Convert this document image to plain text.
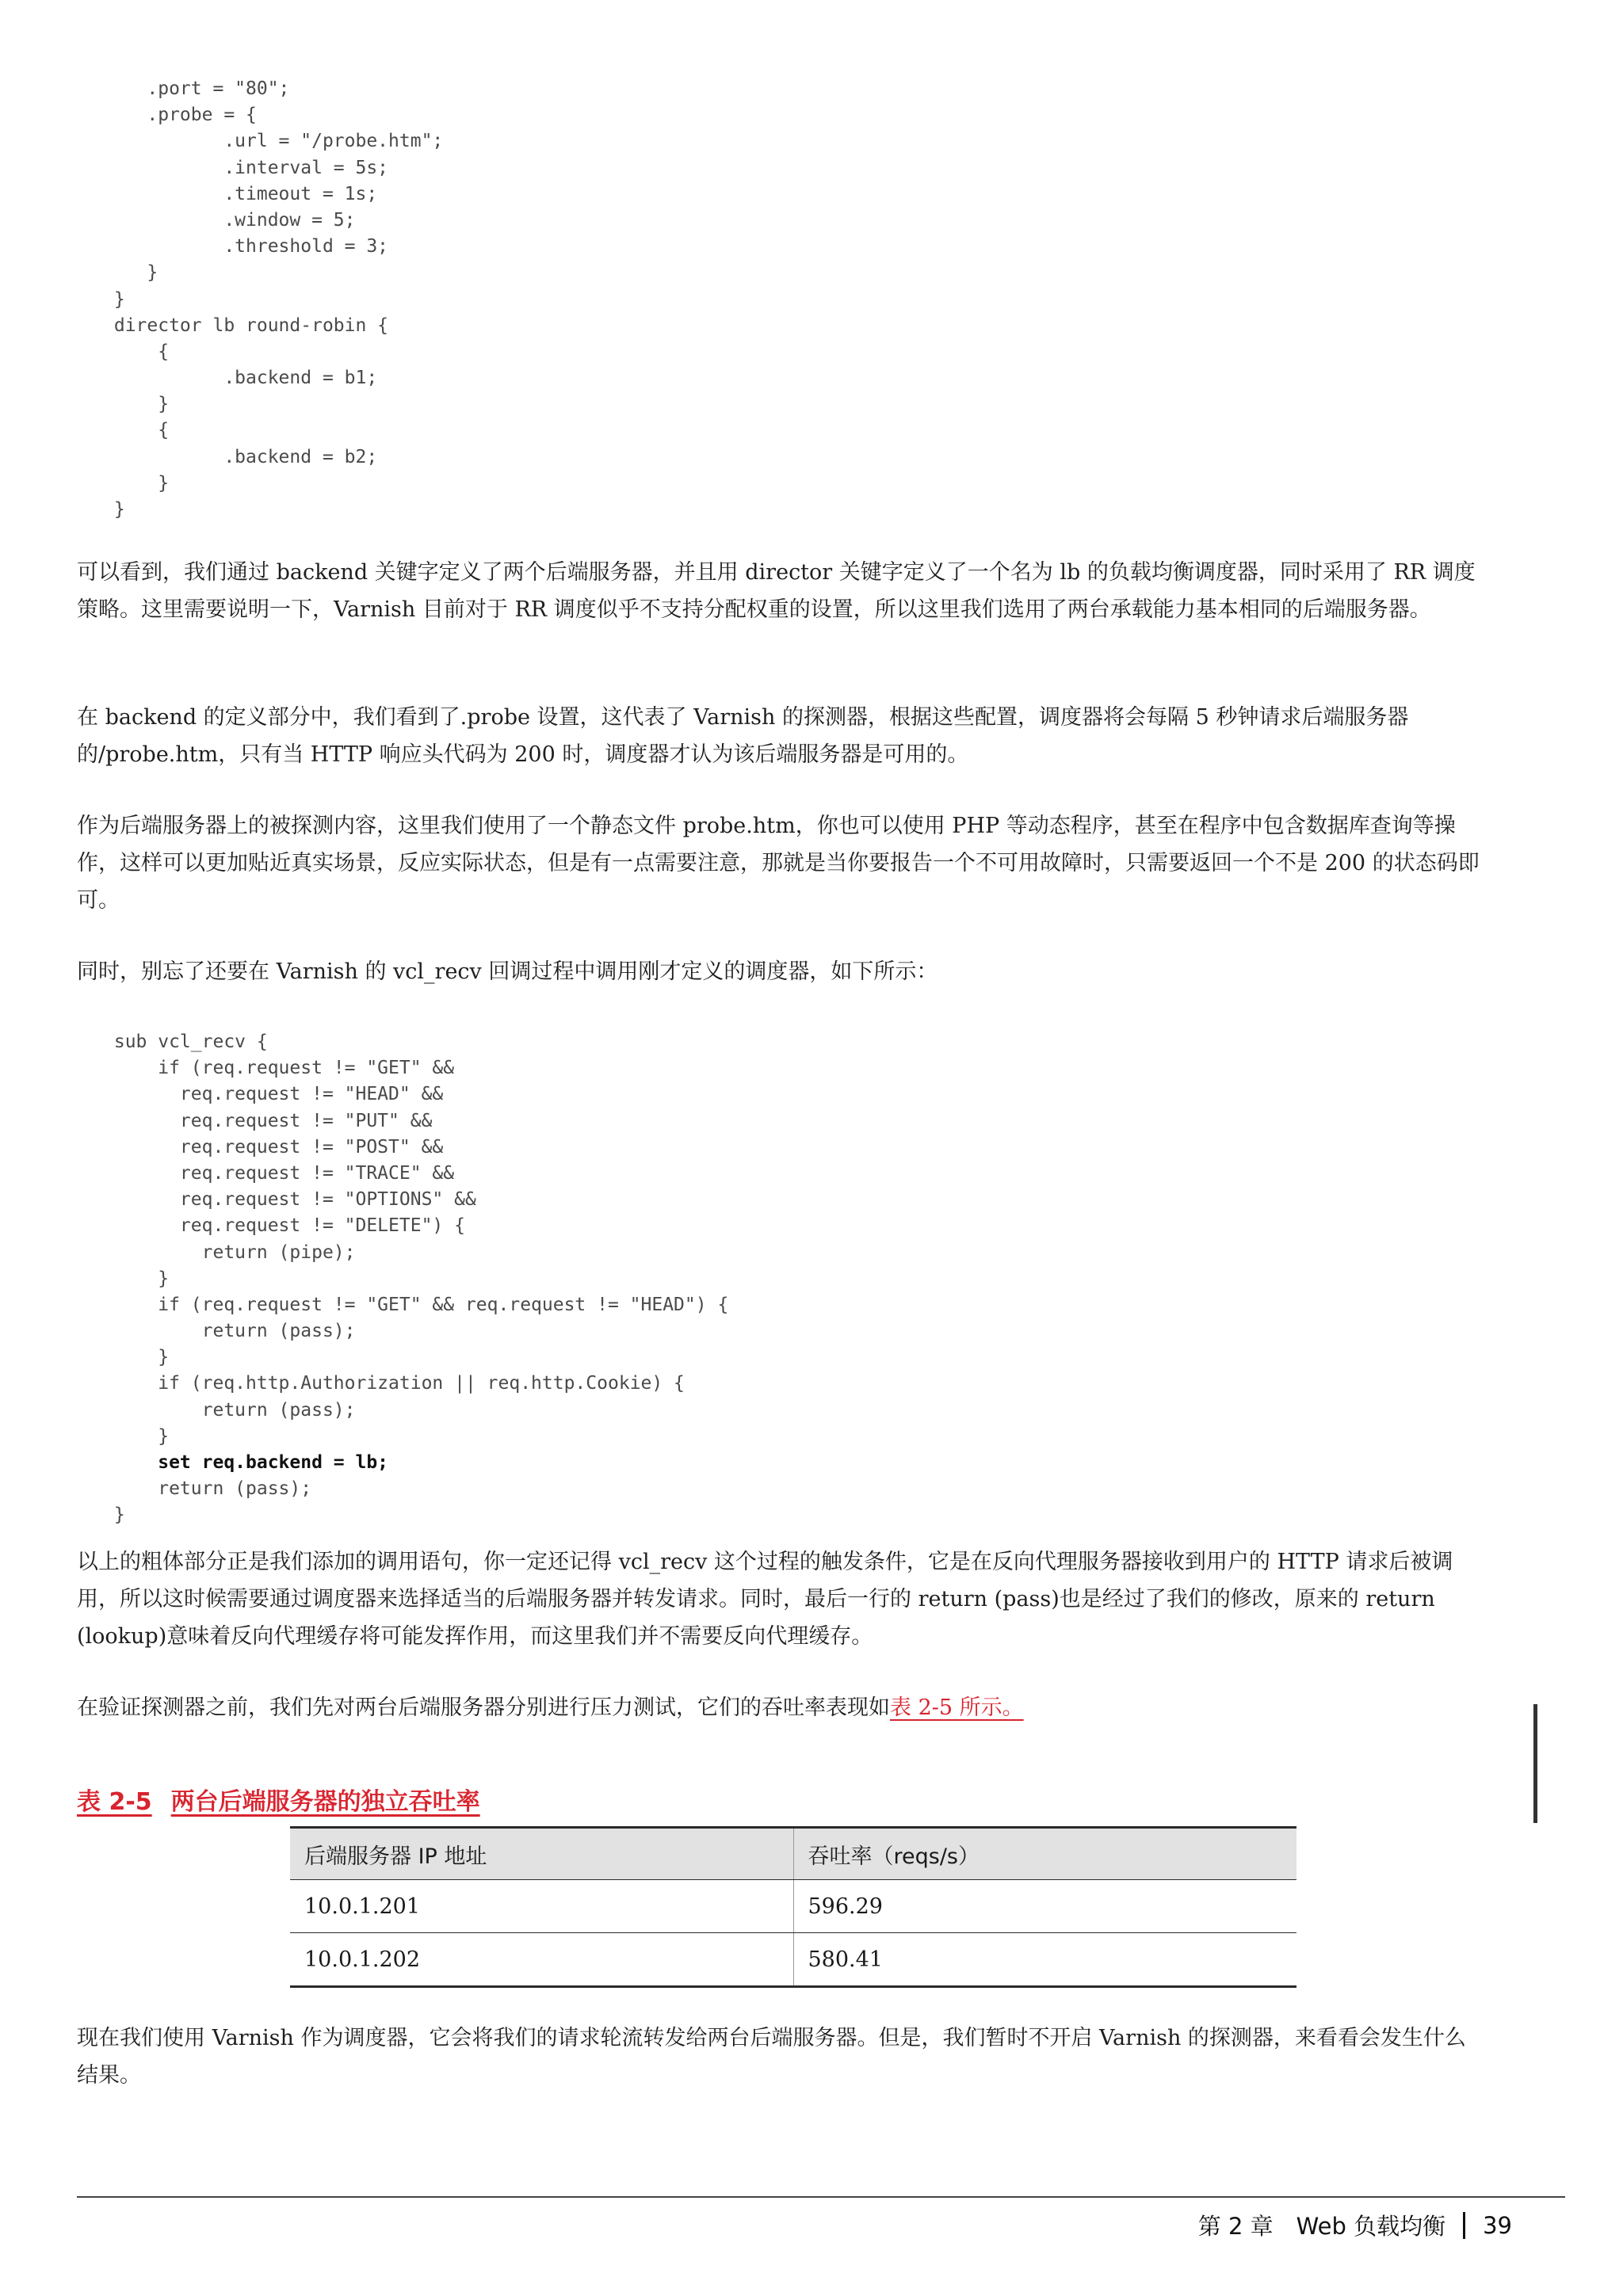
.port = "80";
.probe = {
.url = "/probe.htm";
.interval = 5s;
.timeout = 1s;
.window = 5;
.threshold = 3;
}
}
director lb round-robin {
{
.backend = b1;
}
{
.backend = b2;
}
}

可以看到，我们通过 backend 关键字定义了两个后端服务器，并且用 director 关键字定义了一个名为 lb 的负载均衡调度器，同时采用了 RR 调度策略。这里需要说明一下，Varnish 目前对于 RR 调度似乎不支持分配权重的设置，所以这里我们选用了两台承载能力基本相同的后端服务器。

在 backend 的定义部分中，我们看到了.probe 设置，这代表了 Varnish 的探测器，根据这些配置，调度器将会每隔 5 秒钟请求后端服务器的/probe.htm，只有当 HTTP 响应头代码为 200 时，调度器才认为该后端服务器是可用的。

作为后端服务器上的被探测内容，这里我们使用了一个静态文件 probe.htm，你也可以使用 PHP 等动态程序，甚至在程序中包含数据库查询等操作，这样可以更加贴近真实场景，反应实际状态，但是有一点需要注意，那就是当你要报告一个不可用故障时，只需要返回一个不是 200 的状态码即可。

同时，别忘了还要在 Varnish 的 vcl_recv 回调过程中调用刚才定义的调度器，如下所示：

sub vcl_recv {
if (req.request != "GET" &&
req.request != "HEAD" &&
req.request != "PUT" &&
req.request != "POST" &&
req.request != "TRACE" &&
req.request != "OPTIONS" &&
req.request != "DELETE") {
return (pipe);
}
if (req.request != "GET" && req.request != "HEAD") {
return (pass);
}
if (req.http.Authorization || req.http.Cookie) {
return (pass);
}
set req.backend = lb;
return (pass);
}

以上的粗体部分正是我们添加的调用语句，你一定还记得 vcl_recv 这个过程的触发条件，它是在反向代理服务器接收到用户的 HTTP 请求后被调用，所以这时候需要通过调度器来选择适当的后端服务器并转发请求。同时，最后一行的 return (pass)也是经过了我们的修改，原来的 return (lookup)意味着反向代理缓存将可能发挥作用，而这里我们并不需要反向代理缓存。

在验证探测器之前，我们先对两台后端服务器分别进行压力测试，它们的吞吐率表现如表 2-5 所示。

表 2-5 两台后端服务器的独立吞吐率

后端服务器 IP 地址	吞吐率（reqs/s）
10.0.1.201	596.29
10.0.1.202	580.41

现在我们使用 Varnish 作为调度器，它会将我们的请求轮流转发给两台后端服务器。但是，我们暂时不开启 Varnish 的探测器，来看看会发生什么结果。

第 2 章　Web 负载均衡 39
